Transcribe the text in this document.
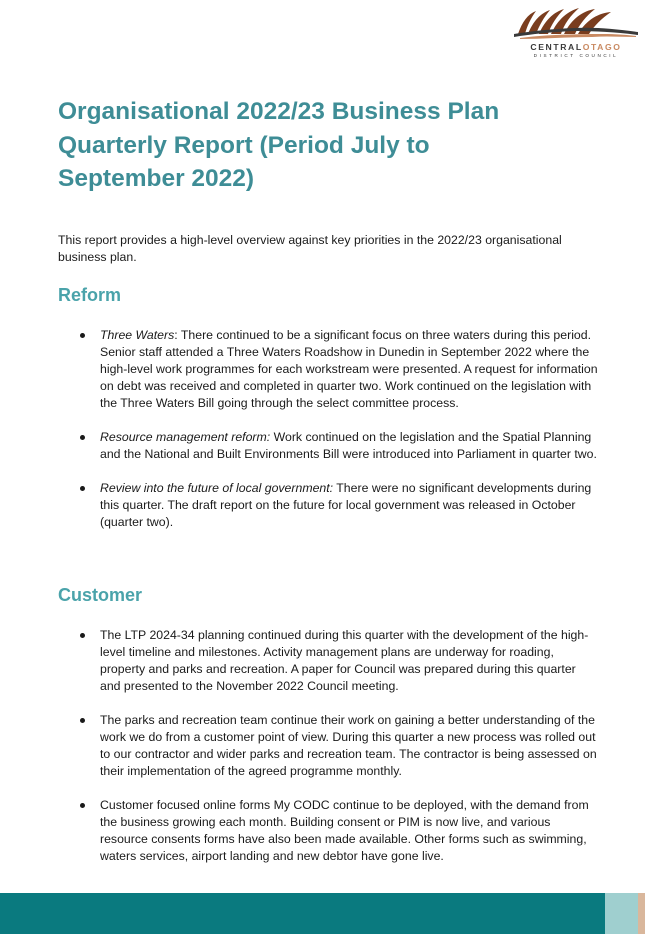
CENTRALOTAGO
DISTRICT COUNCIL
Organisational 2022/23 Business Plan Quarterly Report (Period July to September 2022)

This report provides a high-level overview against key priorities in the 2022/23 organisational business plan.

Reform
Three Waters: There continued to be a significant focus on three waters during this period. Senior staff attended a Three Waters Roadshow in Dunedin in September 2022 where the high-level work programmes for each workstream were presented. A request for information on debt was received and completed in quarter two. Work continued on the legislation with the Three Waters Bill going through the select committee process.
Resource management reform: Work continued on the legislation and the Spatial Planning and the National and Built Environments Bill were introduced into Parliament in quarter two.
Review into the future of local government: There were no significant developments during this quarter. The draft report on the future for local government was released in October (quarter two).
Customer
The LTP 2024-34 planning continued during this quarter with the development of the high-level timeline and milestones. Activity management plans are underway for roading, property and parks and recreation. A paper for Council was prepared during this quarter and presented to the November 2022 Council meeting.
The parks and recreation team continue their work on gaining a better understanding of the work we do from a customer point of view. During this quarter a new process was rolled out to our contractor and wider parks and recreation team. The contractor is being assessed on their implementation of the agreed programme monthly.
Customer focused online forms My CODC continue to be deployed, with the demand from the business growing each month. Building consent or PIM is now live, and various resource consents forms have also been made available. Other forms such as swimming, waters services, airport landing and new debtor have gone live.
